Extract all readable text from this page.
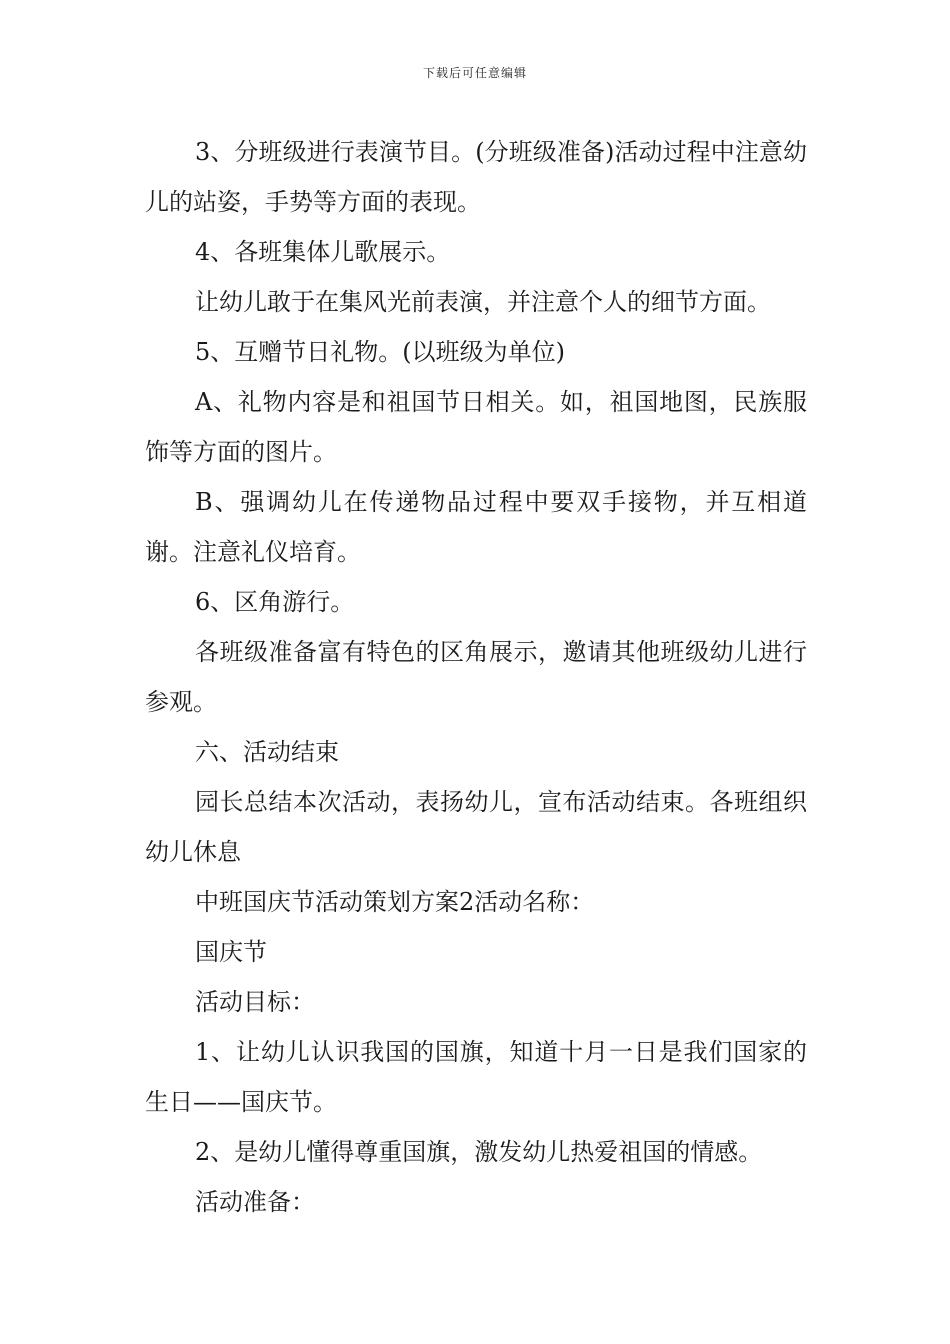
下载后可任意编辑

3、分班级进行表演节目。(分班级准备)活动过程中注意幼儿的站姿，手势等方面的表现。

4、各班集体儿歌展示。

让幼儿敢于在集风光前表演，并注意个人的细节方面。

5、互赠节日礼物。(以班级为单位)

A、礼物内容是和祖国节日相关。如，祖国地图，民族服饰等方面的图片。

B、强调幼儿在传递物品过程中要双手接物，并互相道谢。注意礼仪培育。

6、区角游行。

各班级准备富有特色的区角展示，邀请其他班级幼儿进行参观。

六、活动结束

园长总结本次活动，表扬幼儿，宣布活动结束。各班组织幼儿休息

中班国庆节活动策划方案2活动名称：

国庆节

活动目标：

1、让幼儿认识我国的国旗，知道十月一日是我们国家的生日——国庆节。

2、是幼儿懂得尊重国旗，激发幼儿热爱祖国的情感。

活动准备：
